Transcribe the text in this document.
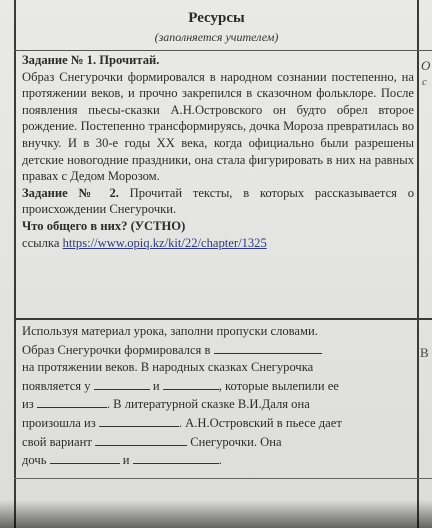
Ресурсы
(заполняется учителем)
О
с
В
Задание № 1. Прочитай.
Образ Снегурочки формировался в народном сознании постепенно, на протяжении веков, и прочно закрепился в сказочном фольклоре. После появления пьесы-сказки А.Н.Островского он будто обрел второе рождение. Постепенно трансформируясь, дочка Мороза превратилась во внучку. И в 30-е годы XX века, когда официально были разрешены детские новогодние праздники, она стала фигурировать в них на равных правах с Дедом Морозом.
Задание № 2. Прочитай тексты, в которых рассказывается о происхождении Снегурочки.
Что общего в них? (УСТНО)
ссылка https://www.opiq.kz/kit/22/chapter/1325
Используя материал урока, заполни пропуски словами.
Образ Снегурочки формировался в
на протяжении веков. В народных сказках Снегурочка
появляется у	и	, которые вылепили ее
из	. В литературной сказке В.И.Даля она
произошла из	. А.Н.Островский в пьесе дает
свой вариант	Снегурочки. Она
дочь	и	.
